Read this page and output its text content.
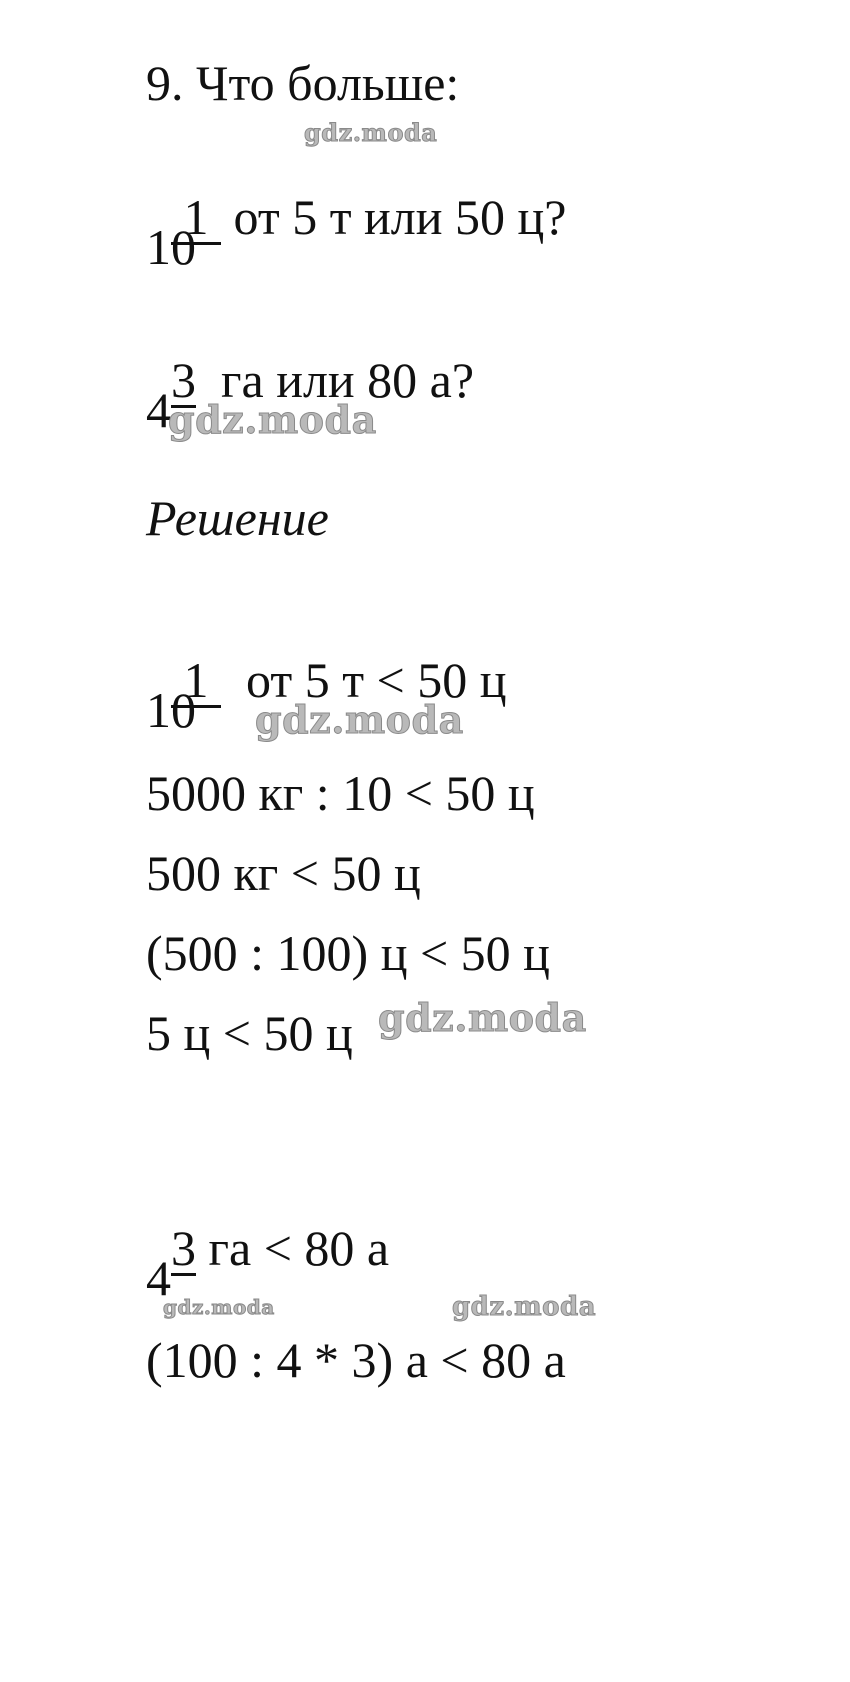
9. Что больше:

1 от 5 т или 50 ц?

10

3 га или 80 а?

4
Решение

1 от 5 т < 50 ц

10
5000 кг : 10 < 50 ц
500 кг < 50 ц
(500 : 100) ц < 50 ц
5 ц < 50 ц

3 га < 80 а

4
(100 : 4 * 3) а < 80 а
gdz.moda
gdz.moda
gdz.moda
gdz.moda
gdz.moda	gdz.moda
